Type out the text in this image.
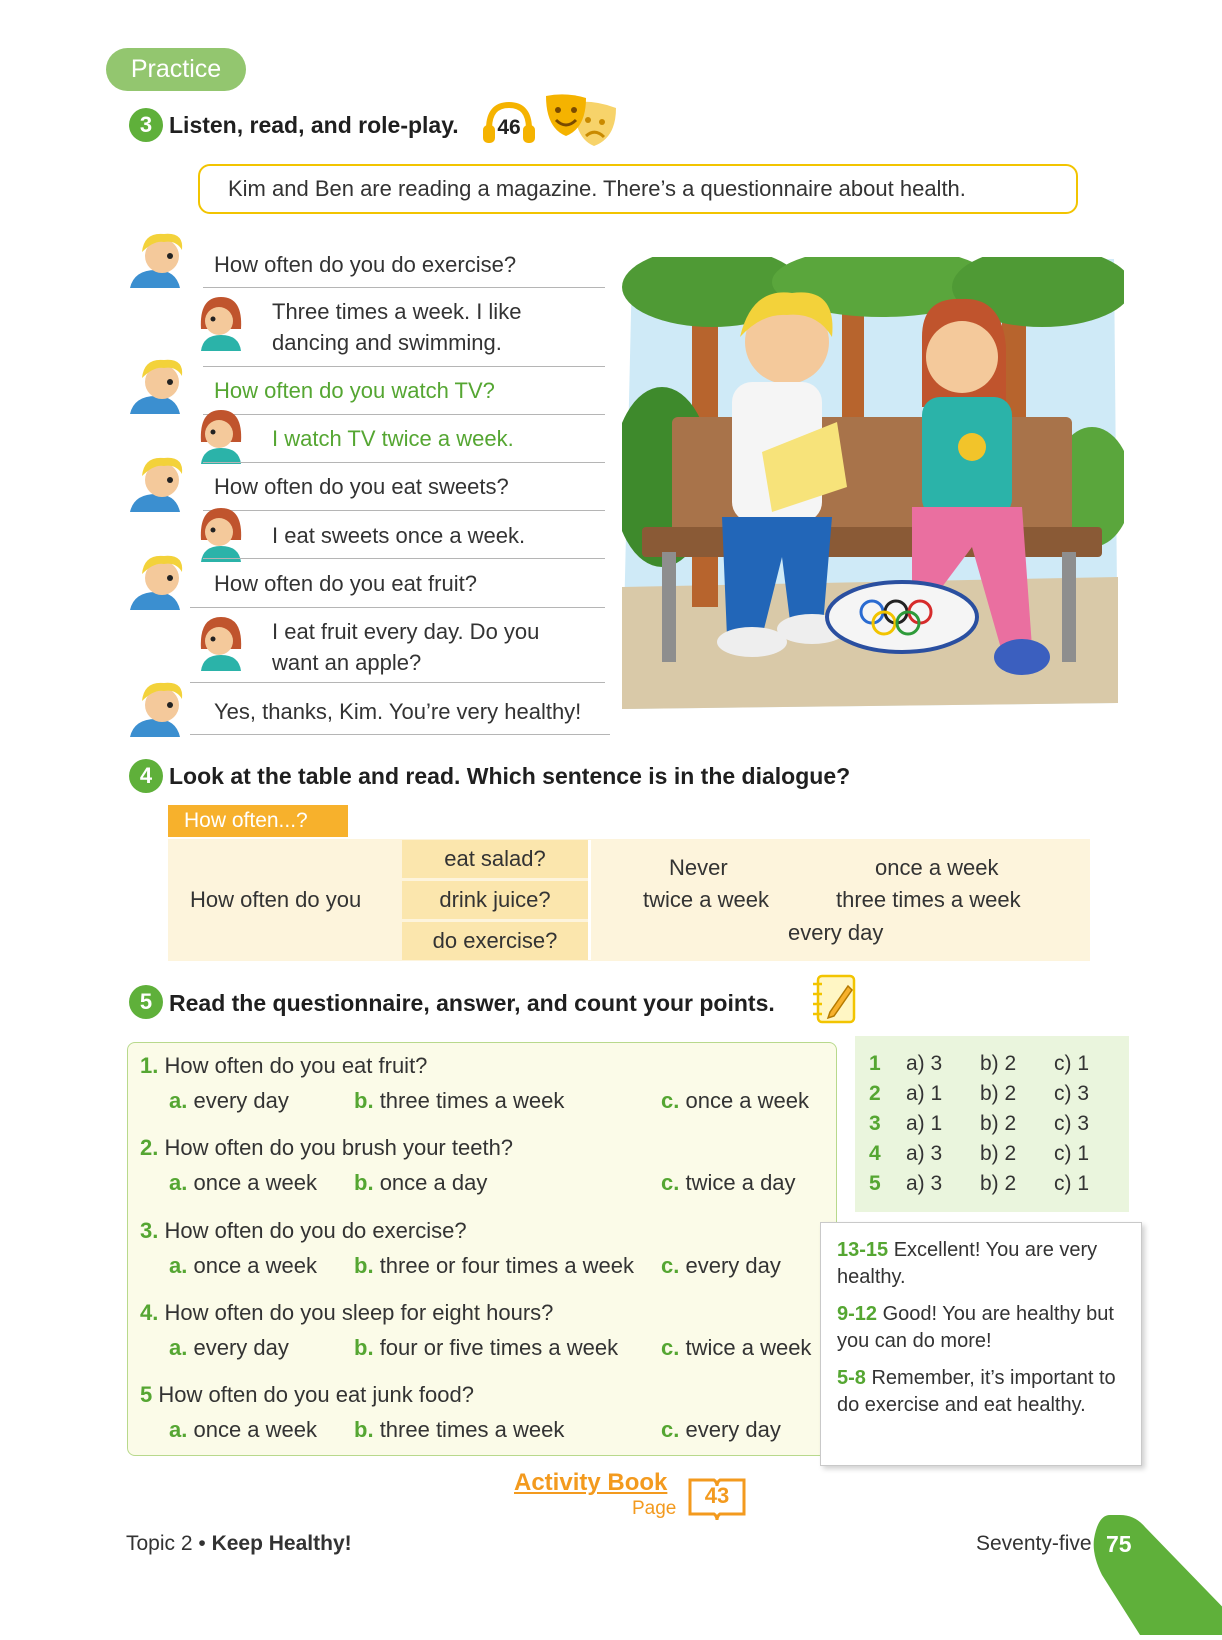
Practice
3 Listen, read, and role-play.	46
Kim and Ben are reading a magazine. There’s a questionnaire about health.
How often do you do exercise?
Three times a week. I like
dancing and swimming.
How often do you watch TV?
I watch TV twice a week.
How often do you eat sweets?
I eat sweets once a week.
How often do you eat fruit?
I eat fruit every day. Do you
want an apple?
Yes, thanks, Kim. You’re very healthy!
4 Look at the table and read. Which sentence is in the dialogue?
How often...?
How often do you
eat salad?
drink juice?
do exercise?
Never	once a week
twice a week	three times a week
every day
5 Read the questionnaire, answer, and count your points.
1. How often do you eat fruit?
a. every day	b. three times a week	c. once a week
2. How often do you brush your teeth?
a. once a week b. once a day	c. twice a day
3. How often do you do exercise?
a. once a week b. three or four times a week c. every day
4. How often do you sleep for eight hours?
a. every day	b. four or five times a week c. twice a week
5 How often do you eat junk food?
a. once a week b. three times a week	c. every day
1 a) 3 b) 2 c) 1
2 a) 1 b) 2 c) 3
3 a) 1 b) 2 c) 3
4 a) 3 b) 2 c) 1
5 a) 3 b) 2 c) 1
13-15 Excellent! You are very healthy.
9-12 Good! You are healthy but you can do more!
5-8 Remember, it’s important to do exercise and eat healthy.
Activity Book
Page
43
Topic 2 • Keep Healthy!	Seventy-five 75
